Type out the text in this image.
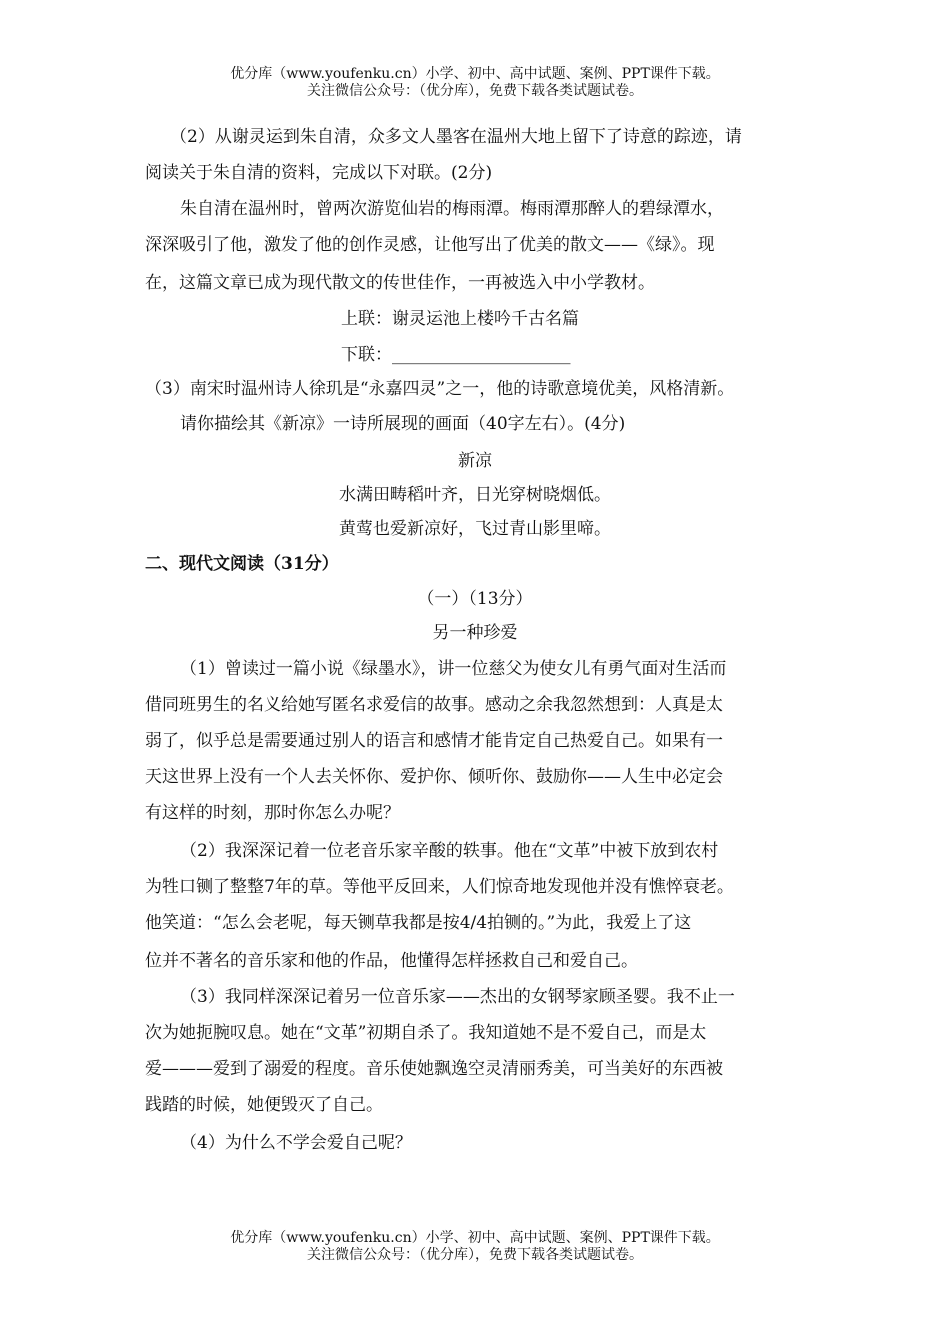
优分库（www.youfenku.cn）小学、初中、高中试题、案例、PPT课件下载。
关注微信公众号：（优分库），免费下载各类试题试卷。
（2）从谢灵运到朱自清，众多文人墨客在温州大地上留下了诗意的踪迹，请
阅读关于朱自清的资料，完成以下对联。(2分)
朱自清在温州时，曾两次游览仙岩的梅雨潭。梅雨潭那醉人的碧绿潭水，
深深吸引了他，激发了他的创作灵感，让他写出了优美的散文——《绿》。现
在，这篇文章已成为现代散文的传世佳作，一再被选入中小学教材。
上联：谢灵运池上楼吟千古名篇
下联：_____________________
（3）南宋时温州诗人徐玑是“永嘉四灵”之一，他的诗歌意境优美，风格清新。
请你描绘其《新凉》一诗所展现的画面（40字左右）。(4分)
新凉
水满田畴稻叶齐，日光穿树晓烟低。
黄莺也爱新凉好，飞过青山影里啼。
二、现代文阅读（31分）
（一）（13分）
另一种珍爱
（1）曾读过一篇小说《绿墨水》，讲一位慈父为使女儿有勇气面对生活而
借同班男生的名义给她写匿名求爱信的故事。感动之余我忽然想到：人真是太
弱了，似乎总是需要通过别人的语言和感情才能肯定自己热爱自己。如果有一
天这世界上没有一个人去关怀你、爱护你、倾听你、鼓励你——人生中必定会
有这样的时刻，那时你怎么办呢？
（2）我深深记着一位老音乐家辛酸的轶事。他在“文革”中被下放到农村
为牲口铡了整整7年的草。等他平反回来，人们惊奇地发现他并没有憔悴衰老。
他笑道：“怎么会老呢，每天铡草我都是按4/4拍铡的。”为此，我爱上了这
位并不著名的音乐家和他的作品，他懂得怎样拯救自己和爱自己。
（3）我同样深深记着另一位音乐家——杰出的女钢琴家顾圣婴。我不止一
次为她扼腕叹息。她在“文革”初期自杀了。我知道她不是不爱自己，而是太
爱———爱到了溺爱的程度。音乐使她飘逸空灵清丽秀美，可当美好的东西被
践踏的时候，她便毁灭了自己。
（4）为什么不学会爱自己呢？
优分库（www.youfenku.cn）小学、初中、高中试题、案例、PPT课件下载。
关注微信公众号：（优分库），免费下载各类试题试卷。
